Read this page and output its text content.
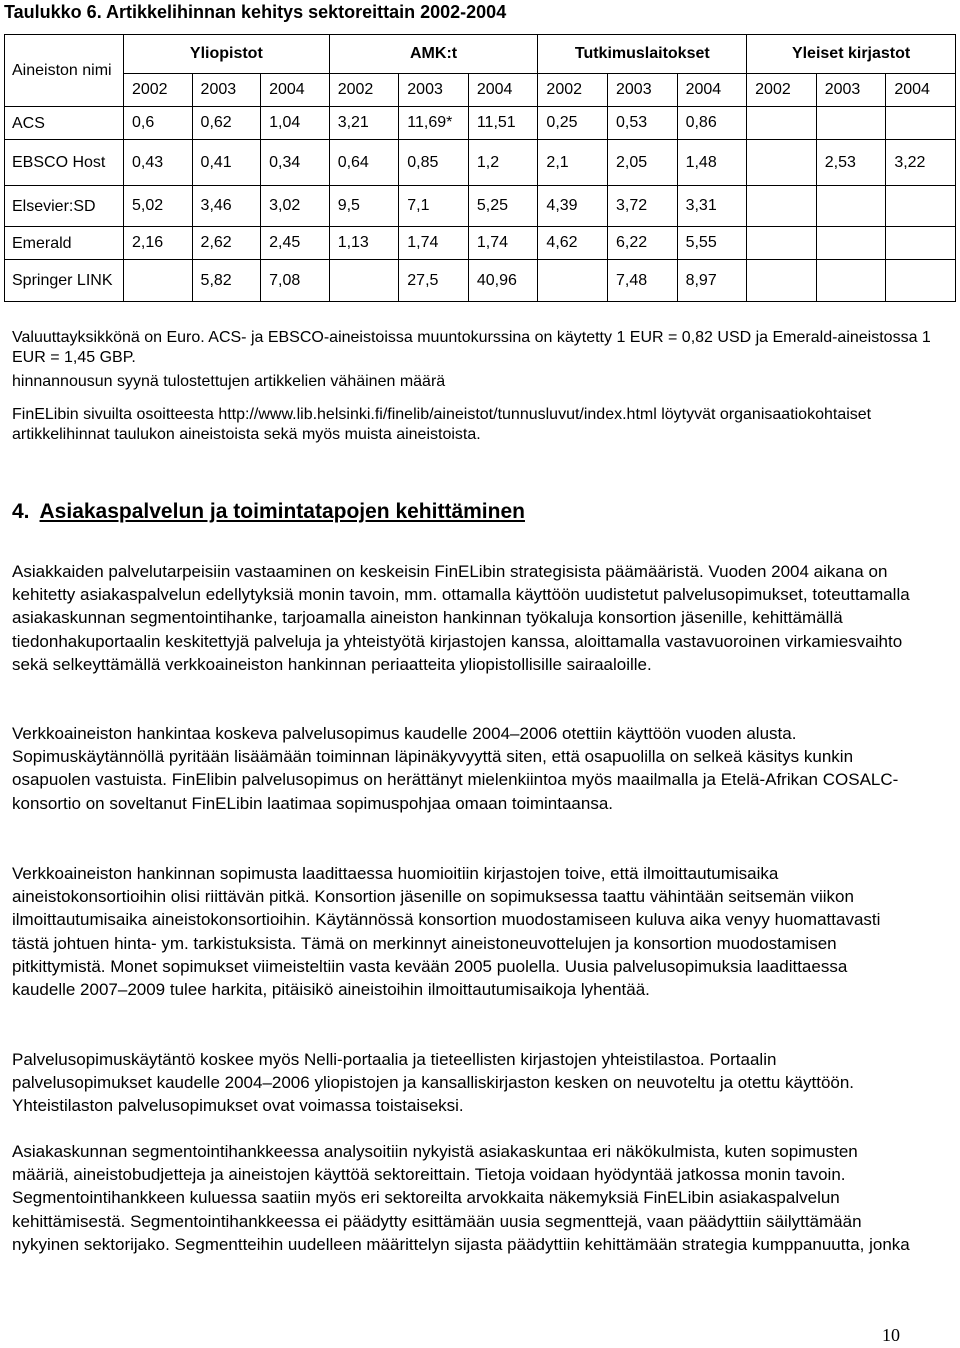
Taulukko 6. Artikkelihinnan kehitys sektoreittain 2002-2004
Aineiston nimi	Yliopistot			AMK:t			Tutkimuslaitokset			Yleiset kirjastot		
	2002	2003	2004	2002	2003	2004	2002	2003	2004	2002	2003	2004
ACS	0,6	0,62	1,04	3,21	11,69*	11,51	0,25	0,53	0,86			
EBSCO Host	0,43	0,41	0,34	0,64	0,85	1,2	2,1	2,05	1,48		2,53	3,22
Elsevier:SD	5,02	3,46	3,02	9,5	7,1	5,25	4,39	3,72	3,31			
Emerald	2,16	2,62	2,45	1,13	1,74	1,74	4,62	6,22	5,55			
Springer LINK		5,82	7,08		27,5	40,96		7,48	8,97			
Valuuttayksikkönä on Euro. ACS- ja EBSCO-aineistoissa muuntokurssina on käytetty 1 EUR = 0,82 USD ja Emerald-aineistossa 1 EUR = 1,45 GBP.
hinnannousun syynä tulostettujen artikkelien vähäinen määrä
FinELibin sivuilta osoitteesta http://www.lib.helsinki.fi/finelib/aineistot/tunnusluvut/index.html löytyvät organisaatiokohtaiset artikkelihinnat taulukon aineistoista sekä myös muista aineistoista.
4. Asiakaspalvelun ja toimintatapojen kehittäminen

Asiakkaiden palvelutarpeisiin vastaaminen on keskeisin FinELibin strategisista päämääristä. Vuoden 2004 aikana on kehitetty asiakaspalvelun edellytyksiä monin tavoin, mm. ottamalla käyttöön uudistetut palvelusopimukset, toteuttamalla asiakaskunnan segmentointihanke, tarjoamalla aineiston hankinnan työkaluja konsortion jäsenille, kehittämällä tiedonhakuportaalin keskitettyjä palveluja ja yhteistyötä kirjastojen kanssa, aloittamalla vastavuoroinen virkamiesvaihto sekä selkeyttämällä verkkoaineiston hankinnan periaatteita yliopistollisille sairaaloille.

Verkkoaineiston hankintaa koskeva palvelusopimus kaudelle 2004–2006 otettiin käyttöön vuoden alusta. Sopimuskäytännöllä pyritään lisäämään toiminnan läpinäkyvyyttä siten, että osapuolilla on selkeä käsitys kunkin osapuolen vastuista. FinElibin palvelusopimus on herättänyt mielenkiintoa myös maailmalla ja Etelä-Afrikan COSALC-konsortio on soveltanut FinELibin laatimaa sopimuspohjaa omaan toimintaansa.

Verkkoaineiston hankinnan sopimusta laadittaessa huomioitiin kirjastojen toive, että ilmoittautumisaika aineistokonsortioihin olisi riittävän pitkä. Konsortion jäsenille on sopimuksessa taattu vähintään seitsemän viikon ilmoittautumisaika aineistokonsortioihin. Käytännössä konsortion muodostamiseen kuluva aika venyy huomattavasti tästä johtuen hinta- ym. tarkistuksista. Tämä on merkinnyt aineistoneuvottelujen ja konsortion muodostamisen pitkittymistä. Monet sopimukset viimeisteltiin vasta kevään 2005 puolella. Uusia palvelusopimuksia laadittaessa kaudelle 2007–2009 tulee harkita, pitäisikö aineistoihin ilmoittautumisaikoja lyhentää.

Palvelusopimuskäytäntö koskee myös Nelli-portaalia ja tieteellisten kirjastojen yhteistilastoa. Portaalin palvelusopimukset kaudelle 2004–2006 yliopistojen ja kansalliskirjaston kesken on neuvoteltu ja otettu käyttöön. Yhteistilaston palvelusopimukset ovat voimassa toistaiseksi.

Asiakaskunnan segmentointihankkeessa analysoitiin nykyistä asiakaskuntaa eri näkökulmista, kuten sopimusten määriä, aineistobudjetteja ja aineistojen käyttöä sektoreittain. Tietoja voidaan hyödyntää jatkossa monin tavoin. Segmentointihankkeen kuluessa saatiin myös eri sektoreilta arvokkaita näkemyksiä FinELibin asiakaspalvelun kehittämisestä. Segmentointihankkeessa ei päädytty esittämään uusia segmenttejä, vaan päädyttiin säilyttämään nykyinen sektorijako. Segmentteihin uudelleen määrittelyn sijasta päädyttiin kehittämään strategia kumppanuutta, jonka

10
